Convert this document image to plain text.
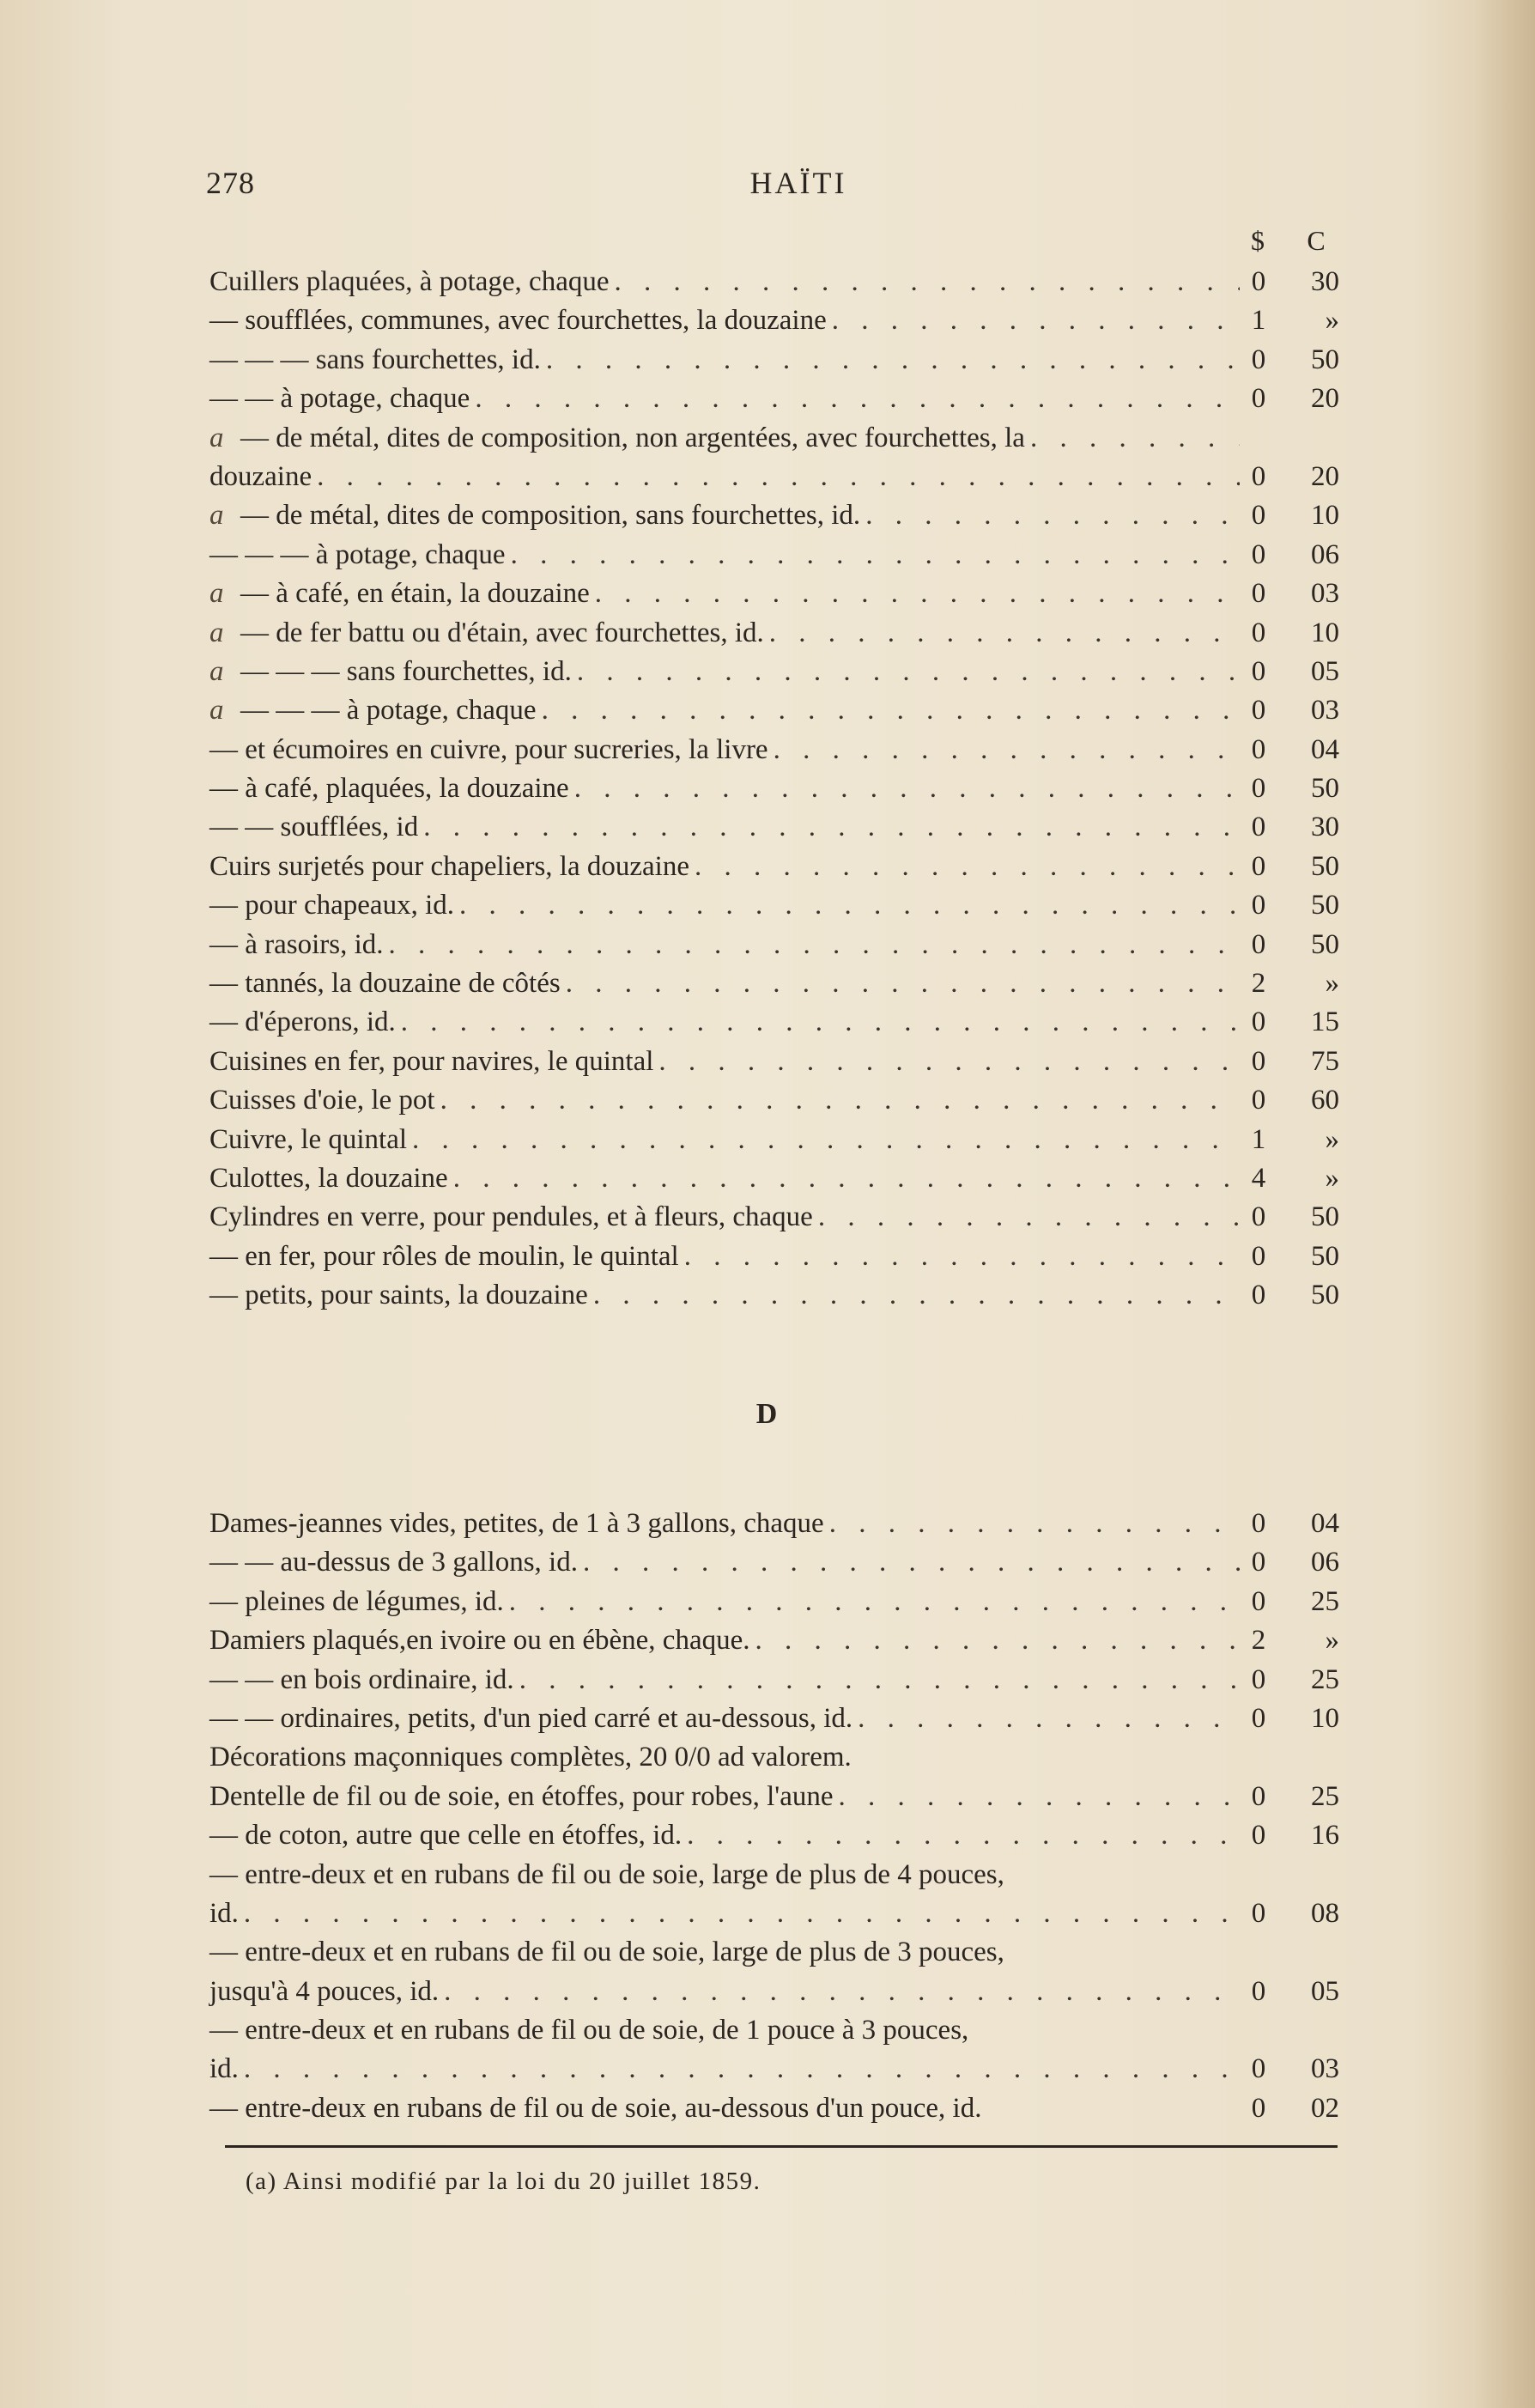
278	HAÏTI
$	C
Cuillers plaquées, à potage, chaque . . .	0	30
— soufflées, communes, avec fourchettes, la douzaine . . .	1	»
— — — sans fourchettes, id. . . .	0	50
— — à potage, chaque . . .	0	20
a — de métal, dites de composition, non argentées, avec fourchettes, la
. . .
douzaine . . .	0	20
a — de métal, dites de composition, sans fourchettes, id. . . .	0	10
— — — à potage, chaque . . .	0	06
a — à café, en étain, la douzaine . . .	0	03
a — de fer battu ou d'étain, avec fourchettes, id. . . .	0	10
a — — — sans fourchettes, id. . . .	0	05
a — — — à potage, chaque . . .	0	03
— et écumoires en cuivre, pour sucreries, la livre . . .	0	04
— à café, plaquées, la douzaine . . .	0	50
— — soufflées, id . . .	0	30
Cuirs surjetés pour chapeliers, la douzaine . . .	0	50
— pour chapeaux, id. . . .	0	50
— à rasoirs, id. . . .	0	50
— tannés, la douzaine de côtés . . .	2	»
— d'éperons, id. . . .	0	15
Cuisines en fer, pour navires, le quintal . . .	0	75
Cuisses d'oie, le pot . . .	0	60
Cuivre, le quintal . . .	1	»
Culottes, la douzaine . . .	4	»
Cylindres en verre, pour pendules, et à fleurs, chaque . . .	0	50
— en fer, pour rôles de moulin, le quintal . . .	0	50
— petits, pour saints, la douzaine . . .	0	50
D
Dames-jeannes vides, petites, de 1 à 3 gallons, chaque . . .	0	04
— — au-dessus de 3 gallons, id. . . .	0	06
— pleines de légumes, id. . . .	0	25
Damiers plaqués,en ivoire ou en ébène, chaque. . . .	2	»
— — en bois ordinaire, id. . . .	0	25
— — ordinaires, petits, d'un pied carré et au-dessous, id. . . .	0	10
Décorations maçonniques complètes, 20 0/0 ad valorem.
Dentelle de fil ou de soie, en étoffes, pour robes, l'aune . . .	0	25
— de coton, autre que celle en étoffes, id. . . .	0	16
— entre-deux et en rubans de fil ou de soie, large de plus de 4 pouces,
id. . . .	0	08
— entre-deux et en rubans de fil ou de soie, large de plus de 3 pouces,
jusqu'à 4 pouces, id. . . .	0	05
— entre-deux et en rubans de fil ou de soie, de 1 pouce à 3 pouces,
id. . . .	0	03
— entre-deux en rubans de fil ou de soie, au-dessous d'un pouce, id.	0	02
(a) Ainsi modifié par la loi du 20 juillet 1859.
